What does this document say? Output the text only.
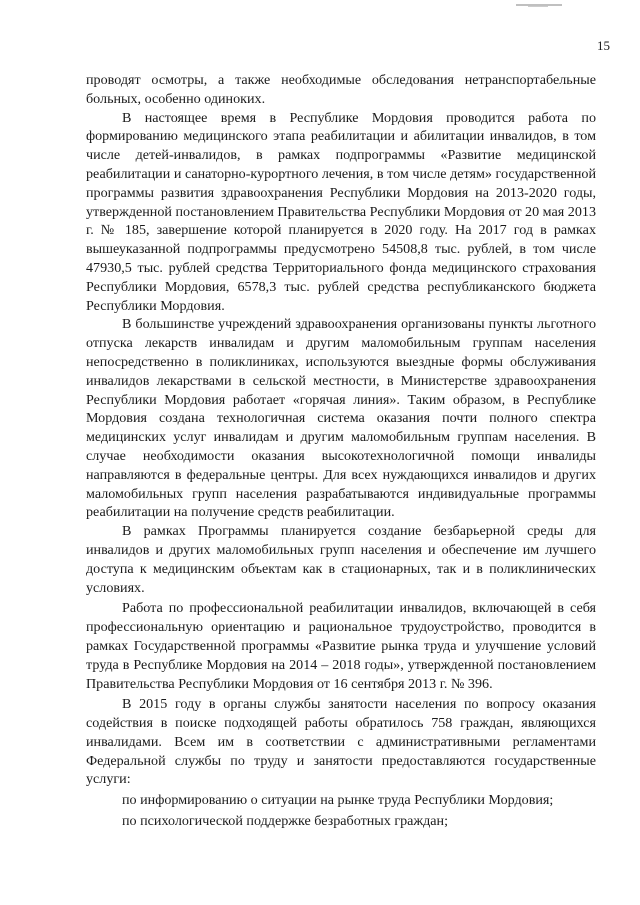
15

проводят осмотры, а также необходимые обследования нетранспортабельные больных, особенно одиноких.

В настоящее время в Республике Мордовия проводится работа по формированию медицинского этапа реабилитации и абилитации инвалидов, в том числе детей-инвалидов, в рамках подпрограммы «Развитие медицинской реабилитации и санаторно-курортного лечения, в том числе детям» государственной программы развития здравоохранения Республики Мордовия на 2013-2020 годы, утвержденной постановлением Правительства Республики Мордовия от 20 мая 2013 г. № 185, завершение которой планируется в 2020 году. На 2017 год в рамках вышеуказанной подпрограммы предусмотрено 54508,8 тыс. рублей, в том числе 47930,5 тыс. рублей средства Территориального фонда медицинского страхования Республики Мордовия, 6578,3 тыс. рублей средства республиканского бюджета Республики Мордовия.

В большинстве учреждений здравоохранения организованы пункты льготного отпуска лекарств инвалидам и другим маломобильным группам населения непосредственно в поликлиниках, используются выездные формы обслуживания инвалидов лекарствами в сельской местности, в Министерстве здравоохранения Республики Мордовия работает «горячая линия». Таким образом, в Республике Мордовия создана технологичная система оказания почти полного спектра медицинских услуг инвалидам и другим маломобильным группам населения. В случае необходимости оказания высокотехнологичной помощи инвалиды направляются в федеральные центры. Для всех нуждающихся инвалидов и других маломобильных групп населения разрабатываются индивидуальные программы реабилитации на получение средств реабилитации.

В рамках Программы планируется создание безбарьерной среды для инвалидов и других маломобильных групп населения и обеспечение им лучшего доступа к медицинским объектам как в стационарных, так и в поликлинических условиях.

Работа по профессиональной реабилитации инвалидов, включающей в себя профессиональную ориентацию и рациональное трудоустройство, проводится в рамках Государственной программы «Развитие рынка труда и улучшение условий труда в Республике Мордовия на 2014 – 2018 годы», утвержденной постановлением Правительства Республики Мордовия от 16 сентября 2013 г. № 396.

В 2015 году в органы службы занятости населения по вопросу оказания содействия в поиске подходящей работы обратилось 758 граждан, являющихся инвалидами. Всем им в соответствии с административными регламентами Федеральной службы по труду и занятости предоставляются государственные услуги:

по информированию о ситуации на рынке труда Республики Мордовия;

по психологической поддержке безработных граждан;
